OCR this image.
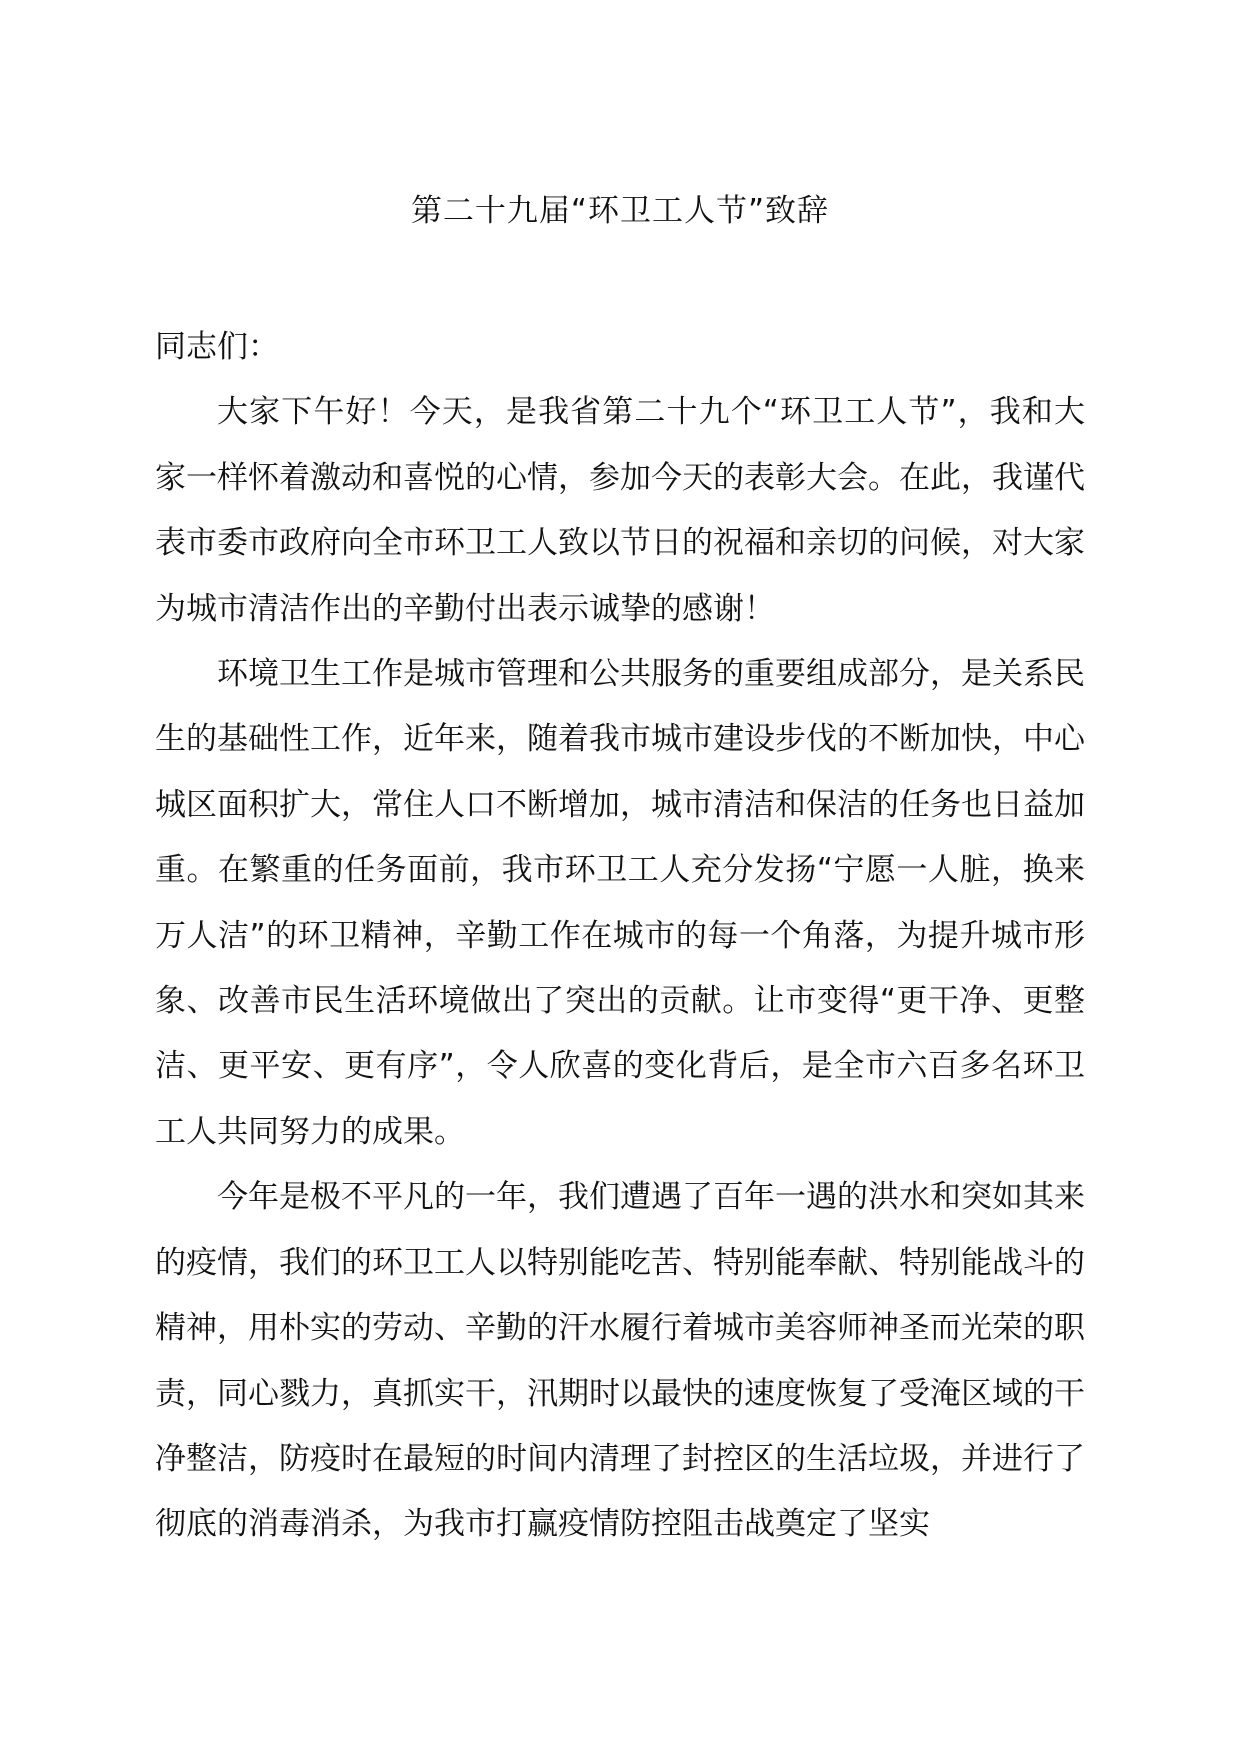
第二十九届“环卫工人节”致辞

同志们：

大家下午好！今天，是我省第二十九个“环卫工人节”，我和大家一样怀着激动和喜悦的心情，参加今天的表彰大会。在此，我谨代表市委市政府向全市环卫工人致以节日的祝福和亲切的问候，对大家为城市清洁作出的辛勤付出表示诚挚的感谢！

环境卫生工作是城市管理和公共服务的重要组成部分，是关系民生的基础性工作，近年来，随着我市城市建设步伐的不断加快，中心城区面积扩大，常住人口不断增加，城市清洁和保洁的任务也日益加重。在繁重的任务面前，我市环卫工人充分发扬“宁愿一人脏，换来万人洁”的环卫精神，辛勤工作在城市的每一个角落，为提升城市形象、改善市民生活环境做出了突出的贡献。让市变得“更干净、更整洁、更平安、更有序”，令人欣喜的变化背后，是全市六百多名环卫工人共同努力的成果。

今年是极不平凡的一年，我们遭遇了百年一遇的洪水和突如其来的疫情，我们的环卫工人以特别能吃苦、特别能奉献、特别能战斗的精神，用朴实的劳动、辛勤的汗水履行着城市美容师神圣而光荣的职责，同心戮力，真抓实干，汛期时以最快的速度恢复了受淹区域的干净整洁，防疫时在最短的时间内清理了封控区的生活垃圾，并进行了彻底的消毒消杀，为我市打赢疫情防控阻击战奠定了坚实
